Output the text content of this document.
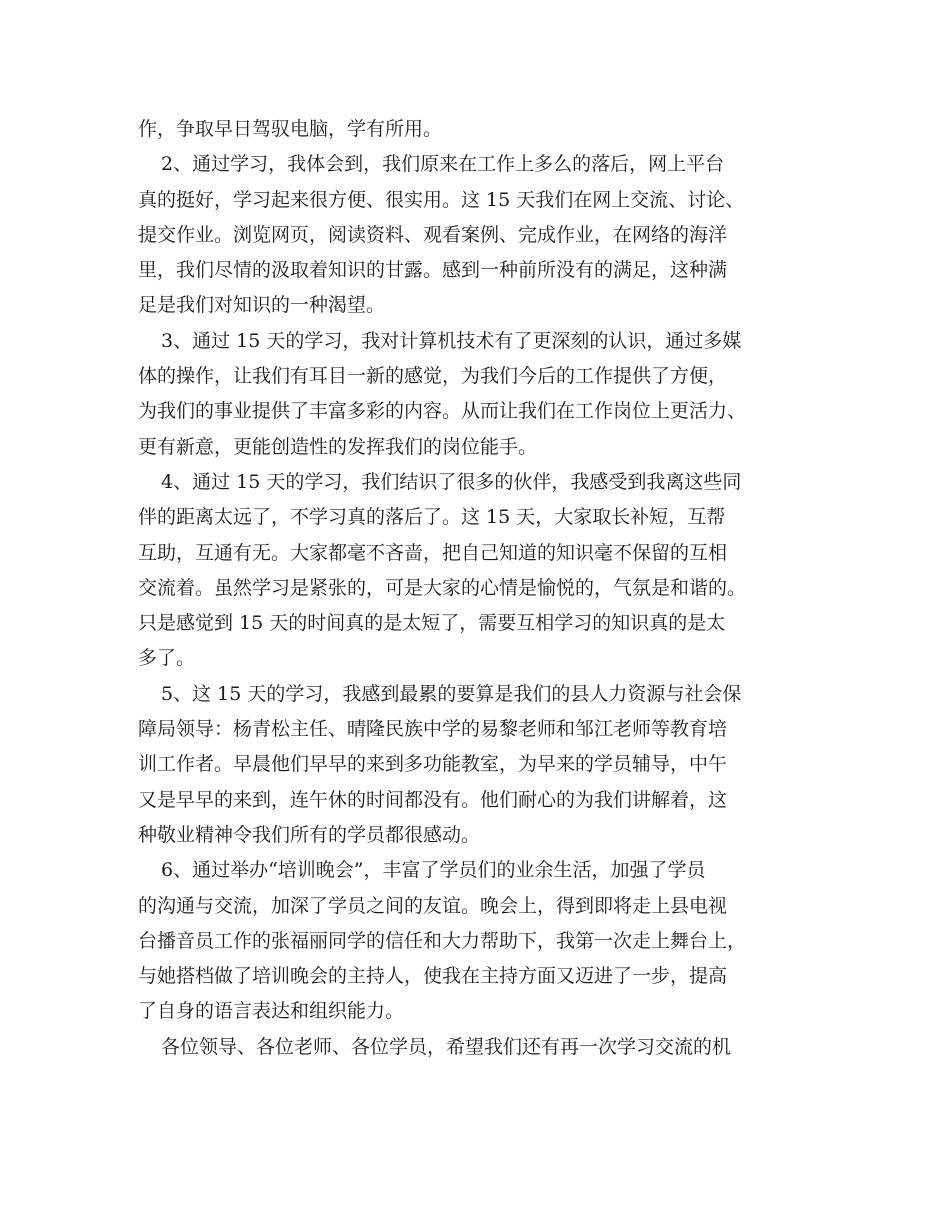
作，争取早日驾驭电脑，学有所用。
2、通过学习，我体会到，我们原来在工作上多么的落后，网上平台
真的挺好，学习起来很方便、很实用。这 15 天我们在网上交流、讨论、
提交作业。浏览网页，阅读资料、观看案例、完成作业，在网络的海洋
里，我们尽情的汲取着知识的甘露。感到一种前所没有的满足，这种满
足是我们对知识的一种渴望。
3、通过 15 天的学习，我对计算机技术有了更深刻的认识，通过多媒
体的操作，让我们有耳目一新的感觉，为我们今后的工作提供了方便，
为我们的事业提供了丰富多彩的内容。从而让我们在工作岗位上更活力、
更有新意，更能创造性的发挥我们的岗位能手。
4、通过 15 天的学习，我们结识了很多的伙伴，我感受到我离这些同
伴的距离太远了，不学习真的落后了。这 15 天，大家取长补短，互帮
互助，互通有无。大家都毫不吝啬，把自己知道的知识毫不保留的互相
交流着。虽然学习是紧张的，可是大家的心情是愉悦的，气氛是和谐的。
只是感觉到 15 天的时间真的是太短了，需要互相学习的知识真的是太
多了。
5、这 15 天的学习，我感到最累的要算是我们的县人力资源与社会保
障局领导：杨青松主任、晴隆民族中学的易黎老师和邹江老师等教育培
训工作者。早晨他们早早的来到多功能教室，为早来的学员辅导，中午
又是早早的来到，连午休的时间都没有。他们耐心的为我们讲解着，这
种敬业精神令我们所有的学员都很感动。
6、通过举办“培训晚会”，丰富了学员们的业余生活，加强了学员
的沟通与交流，加深了学员之间的友谊。晚会上，得到即将走上县电视
台播音员工作的张福丽同学的信任和大力帮助下，我第一次走上舞台上，
与她搭档做了培训晚会的主持人，使我在主持方面又迈进了一步，提高
了自身的语言表达和组织能力。
各位领导、各位老师、各位学员，希望我们还有再一次学习交流的机
